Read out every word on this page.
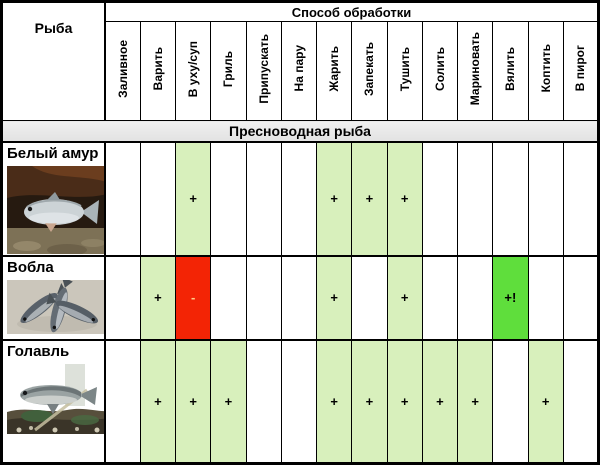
Рыба	Способ обработки													
	Заливное	Варить	В уху/суп	Гриль	Припускать	На пару	Жарить	Запекать	Тушить	Солить	Мариновать	Вялить	Коптить	В пирог
Пресноводная рыба														

Белый амур			+				+	+	+					

Вобла		+	-				+		+			+!		

Голавль		+	+	+			+	+	+	+	+		+	
